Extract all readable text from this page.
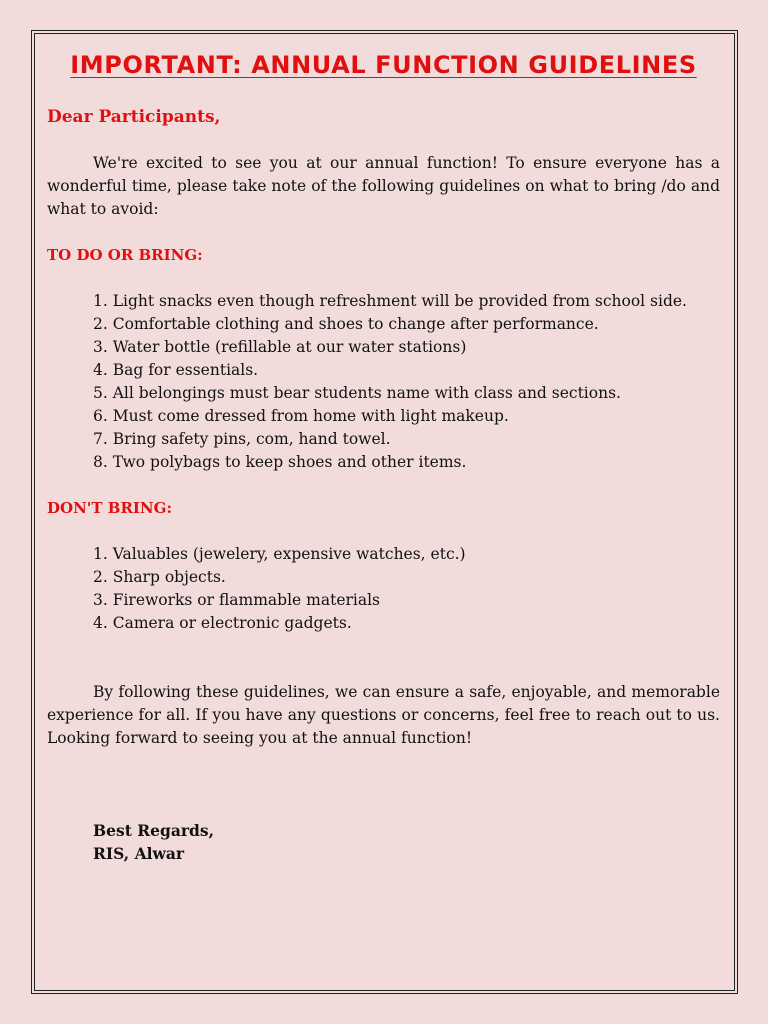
IMPORTANT: ANNUAL FUNCTION GUIDELINES
Dear Participants,

We're excited to see you at our annual function! To ensure everyone has a wonderful time, please take note of the following guidelines on what to bring /do and what to avoid:

TO DO OR BRING:
1. Light snacks even though refreshment will be provided from school side.
2. Comfortable clothing and shoes to change after performance.
3. Water bottle (refillable at our water stations)
4. Bag for essentials.
5. All belongings must bear students name with class and sections.
6. Must come dressed from home with light makeup.
7. Bring safety pins, com, hand towel.
8. Two polybags to keep shoes and other items.
DON'T BRING:
1. Valuables (jewelery, expensive watches, etc.)
2. Sharp objects.
3. Fireworks or flammable materials
4. Camera or electronic gadgets.

By following these guidelines, we can ensure a safe, enjoyable, and memorable experience for all. If you have any questions or concerns, feel free to reach out to us. Looking forward to seeing you at the annual function!

Best Regards,
RIS, Alwar
